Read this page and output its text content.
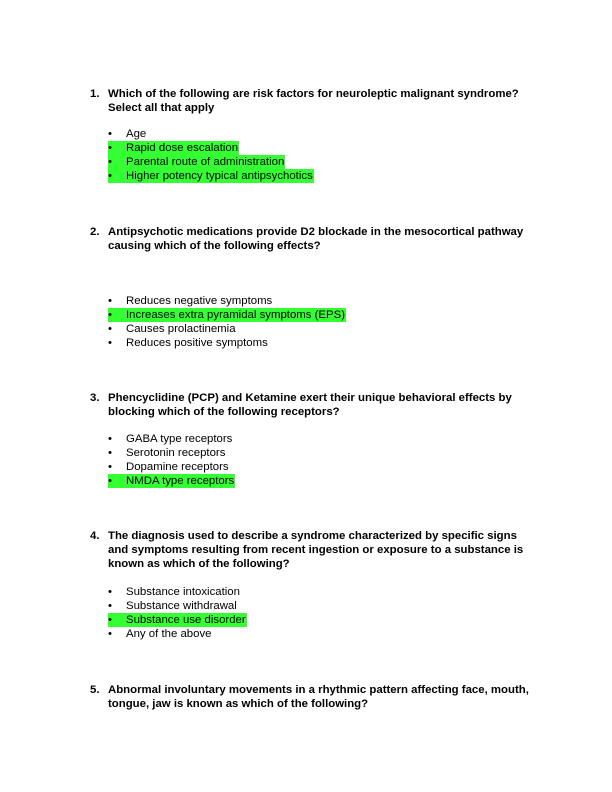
1. Which of the following are risk factors for neuroleptic malignant syndrome? Select all that apply
•	Age
•	Rapid dose escalation
•	Parental route of administration
•	Higher potency typical antipsychotics
2. Antipsychotic medications provide D2 blockade in the mesocortical pathway causing which of the following effects?
•	Reduces negative symptoms
•	Increases extra pyramidal symptoms (EPS)
•	Causes prolactinemia
•	Reduces positive symptoms
3. Phencyclidine (PCP) and Ketamine exert their unique behavioral effects by blocking which of the following receptors?
•	GABA type receptors
•	Serotonin receptors
•	Dopamine receptors
•	NMDA type receptors
4. The diagnosis used to describe a syndrome characterized by specific signs and symptoms resulting from recent ingestion or exposure to a substance is known as which of the following?
•	Substance intoxication
•	Substance withdrawal
•	Substance use disorder
•	Any of the above
5. Abnormal involuntary movements in a rhythmic pattern affecting face, mouth, tongue, jaw is known as which of the following?
